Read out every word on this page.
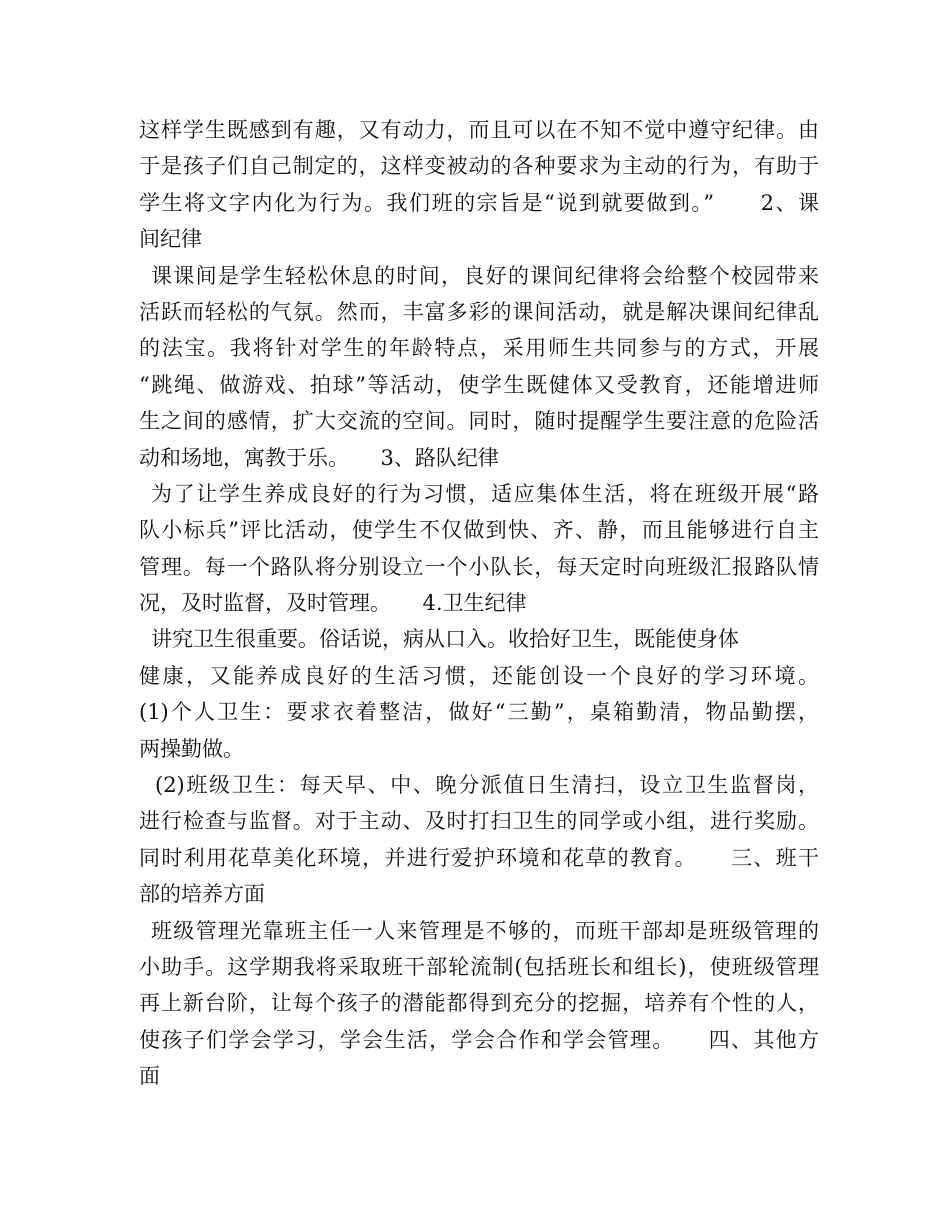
这样学生既感到有趣，又有动力，而且可以在不知不觉中遵守纪律。由
于是孩子们自己制定的，这样变被动的各种要求为主动的行为，有助于
学生将文字内化为行为。我们班的宗旨是“说到就要做到。”　　2、课
间纪律
课课间是学生轻松休息的时间，良好的课间纪律将会给整个校园带来
活跃而轻松的气氛。然而，丰富多彩的课间活动，就是解决课间纪律乱
的法宝。我将针对学生的年龄特点，采用师生共同参与的方式，开展
“跳绳、做游戏、拍球”等活动，使学生既健体又受教育，还能增进师
生之间的感情，扩大交流的空间。同时，随时提醒学生要注意的危险活
动和场地，寓教于乐。　　3、路队纪律
为了让学生养成良好的行为习惯，适应集体生活，将在班级开展“路
队小标兵”评比活动，使学生不仅做到快、齐、静，而且能够进行自主
管理。每一个路队将分别设立一个小队长，每天定时向班级汇报路队情
况，及时监督，及时管理。　　4.卫生纪律
讲究卫生很重要。俗话说，病从口入。收拾好卫生，既能使身体
健康，又能养成良好的生活习惯，还能创设一个良好的学习环境。
(1)个人卫生：要求衣着整洁，做好“三勤”，桌箱勤清，物品勤摆，
两操勤做。
(2)班级卫生：每天早、中、晚分派值日生清扫，设立卫生监督岗，
进行检查与监督。对于主动、及时打扫卫生的同学或小组，进行奖励。
同时利用花草美化环境，并进行爱护环境和花草的教育。　　三、班干
部的培养方面
班级管理光靠班主任一人来管理是不够的，而班干部却是班级管理的
小助手。这学期我将采取班干部轮流制(包括班长和组长)，使班级管理
再上新台阶，让每个孩子的潜能都得到充分的挖掘，培养有个性的人，
使孩子们学会学习，学会生活，学会合作和学会管理。　　四、其他方
面
